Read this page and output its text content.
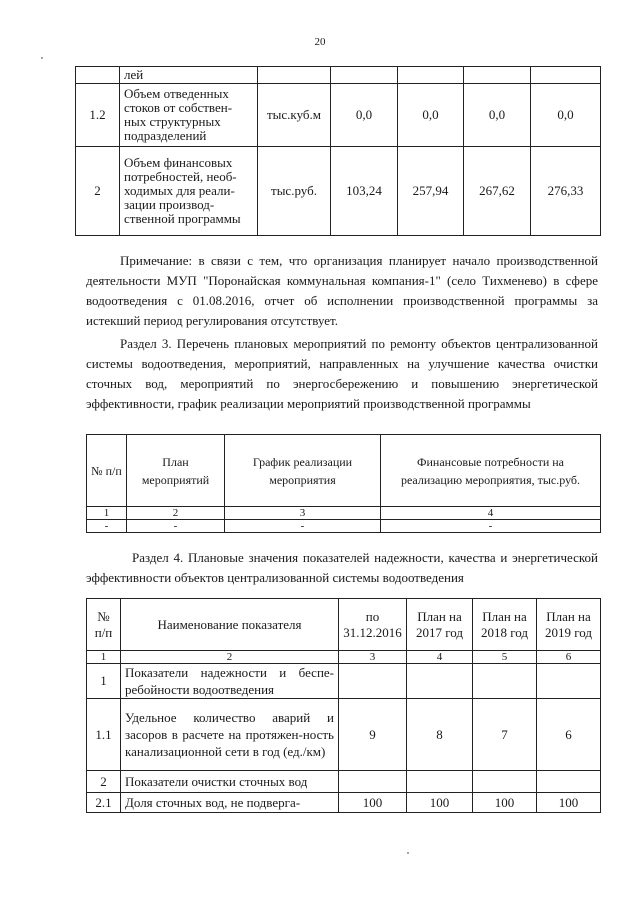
20
	лей					
1.2	Объем отведенных стоков от собствен-ных структурных подразделений	тыс.куб.м	0,0	0,0	0,0	0,0
2	Объем финансовых потребностей, необ-ходимых для реали-зации производ-ственной программы	тыс.руб.	103,24	257,94	267,62	276,33

Примечание: в связи с тем, что организация планирует начало производственной деятельности МУП "Поронайская коммунальная компания-1" (село Тихменево) в сфере водоотведения с 01.08.2016, отчет об исполнении производственной программы за истекший период регулирования отсутствует.

Раздел 3. Перечень плановых мероприятий по ремонту объектов централизованной системы водоотведения, мероприятий, направленных на улучшение качества очистки сточных вод, мероприятий по энергосбережению и повышению энергетической эффективности, график реализации мероприятий производственной программы

№ п/п	План мероприятий	График реализации мероприятия	Финансовые потребности на реализацию мероприятия, тыс.руб.
1	2	3	4
-	-	-	-

Раздел 4. Плановые значения показателей надежности, качества и энергетической эффективности объектов централизованной системы водоотведения

№ п/п	Наименование показателя	по 31.12.2016	План на 2017 год	План на 2018 год	План на 2019 год
1	2	3	4	5	6
1	Показатели надежности и беспе-ребойности водоотведения				
1.1	Удельное количество аварий и засоров в расчете на протяжен-ность канализационной сети в год (ед./км)	9	8	7	6
2	Показатели очистки сточных вод				
2.1	Доля сточных вод, не подверга-	100	100	100	100
